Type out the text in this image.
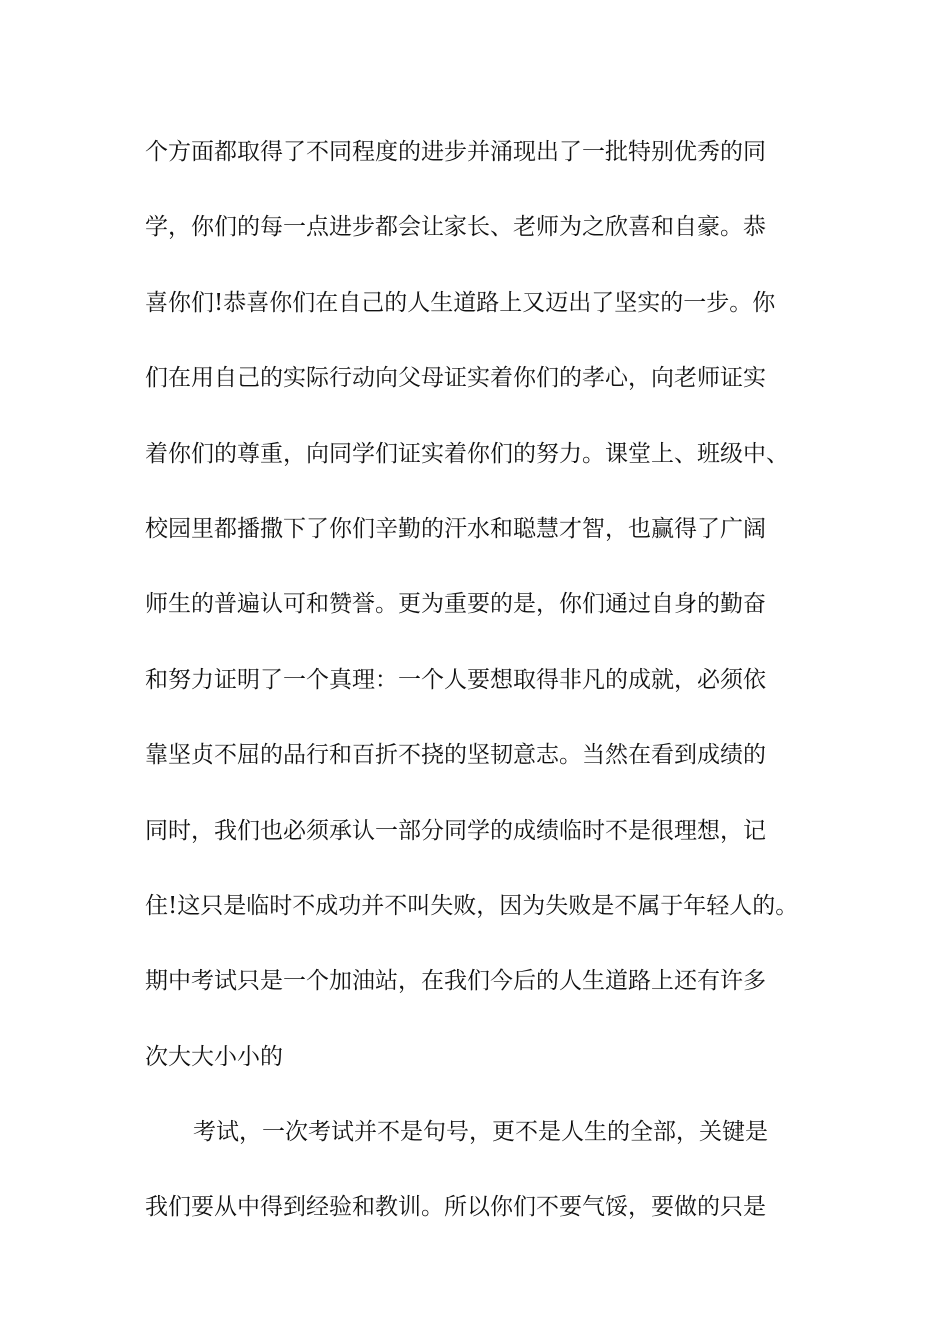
个方面都取得了不同程度的进步并涌现出了一批特别优秀的同
学，你们的每一点进步都会让家长、老师为之欣喜和自豪。恭
喜你们!恭喜你们在自己的人生道路上又迈出了坚实的一步。你
们在用自己的实际行动向父母证实着你们的孝心，向老师证实
着你们的尊重，向同学们证实着你们的努力。课堂上、班级中、
校园里都播撒下了你们辛勤的汗水和聪慧才智，也赢得了广阔
师生的普遍认可和赞誉。更为重要的是，你们通过自身的勤奋
和努力证明了一个真理：一个人要想取得非凡的成就，必须依
靠坚贞不屈的品行和百折不挠的坚韧意志。当然在看到成绩的
同时，我们也必须承认一部分同学的成绩临时不是很理想，记
住!这只是临时不成功并不叫失败，因为失败是不属于年轻人的。
期中考试只是一个加油站，在我们今后的人生道路上还有许多
次大大小小的
考试，一次考试并不是句号，更不是人生的全部，关键是
我们要从中得到经验和教训。所以你们不要气馁，要做的只是
